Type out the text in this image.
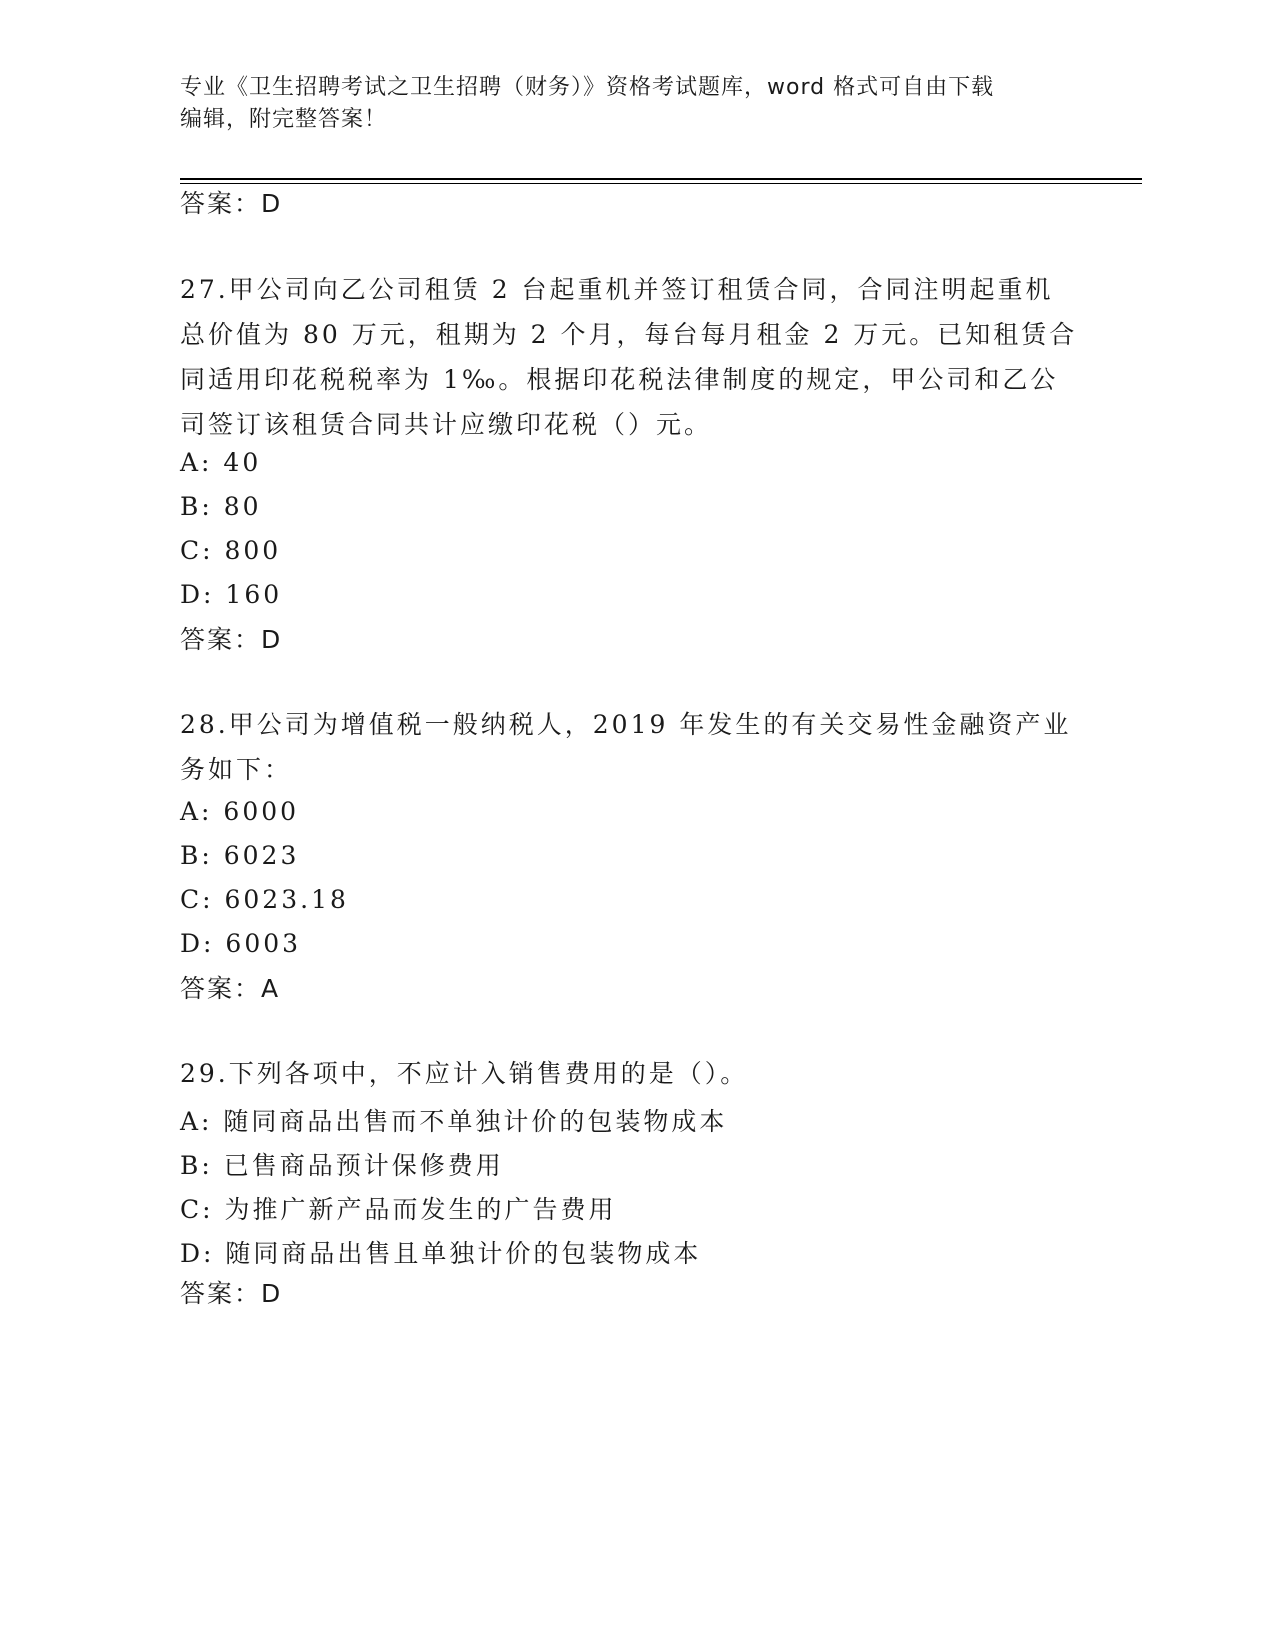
专业《卫生招聘考试之卫生招聘（财务）》资格考试题库，word 格式可自由下载
编辑，附完整答案！
答案：D
27.甲公司向乙公司租赁 2 台起重机并签订租赁合同，合同注明起重机
总价值为 80 万元，租期为 2 个月，每台每月租金 2 万元。已知租赁合
同适用印花税税率为 1‰。根据印花税法律制度的规定，甲公司和乙公
司签订该租赁合同共计应缴印花税（）元。
A: 40
B: 80
C: 800
D: 160
答案：D
28.甲公司为增值税一般纳税人，2019 年发生的有关交易性金融资产业
务如下：
A: 6000
B: 6023
C: 6023.18
D: 6003
答案：A
29.下列各项中，不应计入销售费用的是（）。
A: 随同商品出售而不单独计价的包装物成本
B: 已售商品预计保修费用
C: 为推广新产品而发生的广告费用
D: 随同商品出售且单独计价的包装物成本
答案：D
